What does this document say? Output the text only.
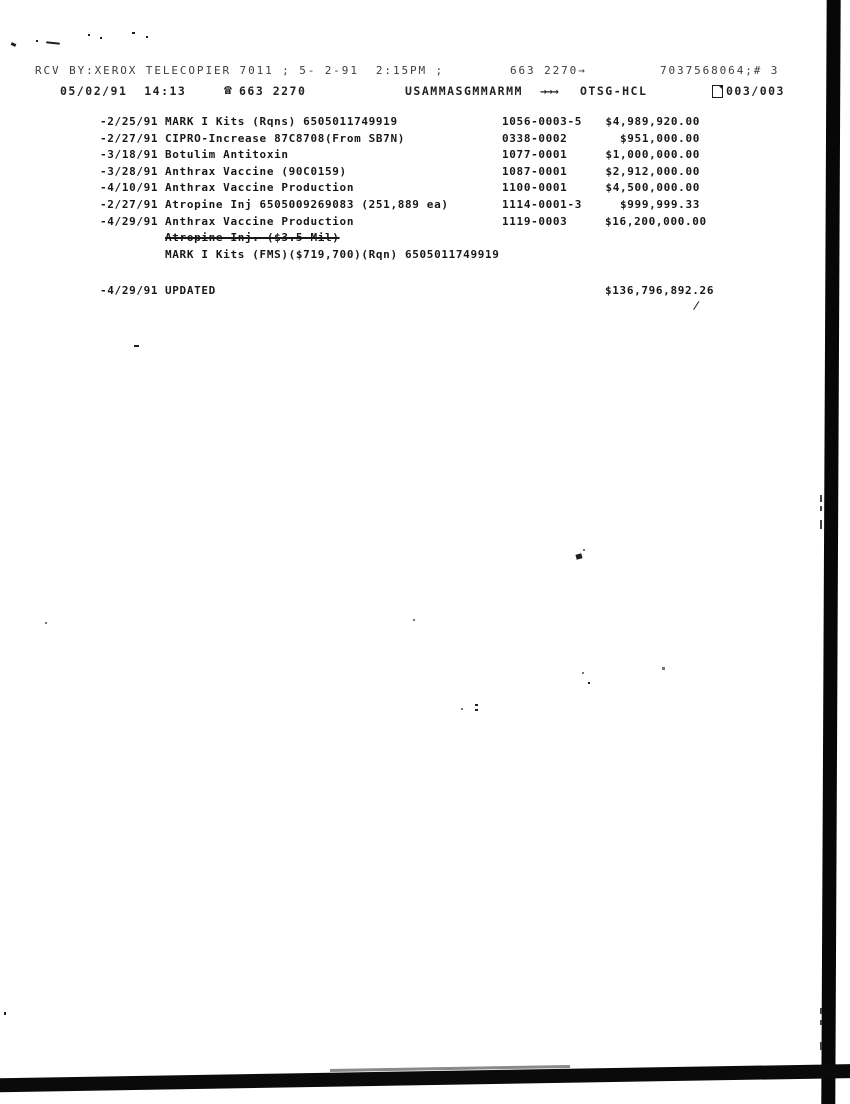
RCV BY:XEROX TELECOPIER 7011 ; 5- 2-91  2:15PM ;

	663 2270→

	7037568064;# 3

05/02/91  14:13

	☎

663 2270

	USAMMASGMMARMM

→→→

OTSG-HCL

	003/003

-2/25/91 MARK I Kits (Rqns) 6505011749919	1056-0003-5	$4,989,920.00
-2/27/91 CIPRO-Increase 87C8708(From SB7N)	0338-0002	$951,000.00
-3/18/91 Botulim Antitoxin	1077-0001	$1,000,000.00
-3/28/91 Anthrax Vaccine (90C0159)	1087-0001	$2,912,000.00
-4/10/91 Anthrax Vaccine Production	1100-0001	$4,500,000.00
-2/27/91 Atropine Inj 6505009269083 (251,889 ea)	1114-0001-3	$999,999.33
-4/29/91 Anthrax Vaccine Production	1119-0003	$16,200,000.00
Atropine Inj. ($3.5 Mil)
MARK I Kits (FMS)($719,700)(Rqn) 6505011749919
-4/29/91 UPDATED	$136,796,892.26
/
